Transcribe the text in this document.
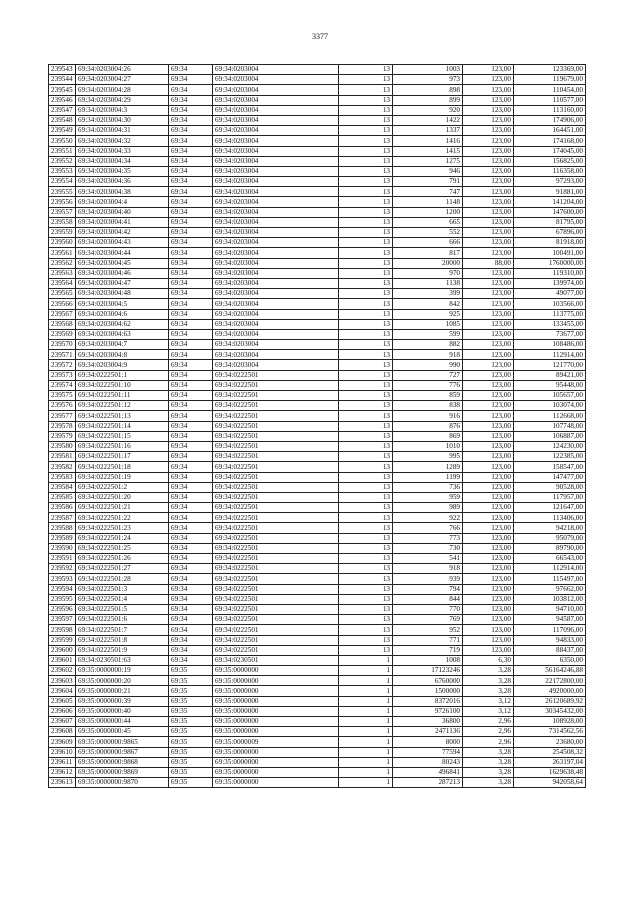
3377
239543	69:34:0203004:26	69:34	69:34:0203004	13	1003	123,00	123369,00
239544	69:34:0203004:27	69:34	69:34:0203004	13	973	123,00	119679,00
239545	69:34:0203004:28	69:34	69:34:0203004	13	898	123,00	110454,00
239546	69:34:0203004:29	69:34	69:34:0203004	13	899	123,00	110577,00
239547	69:34:0203004:3	69:34	69:34:0203004	13	920	123,00	113160,00
239548	69:34:0203004:30	69:34	69:34:0203004	13	1422	123,00	174906,00
239549	69:34:0203004:31	69:34	69:34:0203004	13	1337	123,00	164451,00
239550	69:34:0203004:32	69:34	69:34:0203004	13	1416	123,00	174168,00
239551	69:34:0203004:33	69:34	69:34:0203004	13	1415	123,00	174045,00
239552	69:34:0203004:34	69:34	69:34:0203004	13	1275	123,00	156825,00
239553	69:34:0203004:35	69:34	69:34:0203004	13	946	123,00	116358,00
239554	69:34:0203004:36	69:34	69:34:0203004	13	791	123,00	97293,00
239555	69:34:0203004:38	69:34	69:34:0203004	13	747	123,00	91881,00
239556	69:34:0203004:4	69:34	69:34:0203004	13	1148	123,00	141204,00
239557	69:34:0203004:40	69:34	69:34:0203004	13	1200	123,00	147600,00
239558	69:34:0203004:41	69:34	69:34:0203004	13	665	123,00	81795,00
239559	69:34:0203004:42	69:34	69:34:0203004	13	552	123,00	67896,00
239560	69:34:0203004:43	69:34	69:34:0203004	13	666	123,00	81918,00
239561	69:34:0203004:44	69:34	69:34:0203004	13	817	123,00	100491,00
239562	69:34:0203004:45	69:34	69:34:0203004	13	20000	88,00	1760000,00
239563	69:34:0203004:46	69:34	69:34:0203004	13	970	123,00	119310,00
239564	69:34:0203004:47	69:34	69:34:0203004	13	1138	123,00	139974,00
239565	69:34:0203004:48	69:34	69:34:0203004	13	399	123,00	49077,00
239566	69:34:0203004:5	69:34	69:34:0203004	13	842	123,00	103566,00
239567	69:34:0203004:6	69:34	69:34:0203004	13	925	123,00	113775,00
239568	69:34:0203004:62	69:34	69:34:0203004	13	1085	123,00	133455,00
239569	69:34:0203004:63	69:34	69:34:0203004	13	599	123,00	73677,00
239570	69:34:0203004:7	69:34	69:34:0203004	13	882	123,00	108486,00
239571	69:34:0203004:8	69:34	69:34:0203004	13	918	123,00	112914,00
239572	69:34:0203004:9	69:34	69:34:0203004	13	990	123,00	121770,00
239573	69:34:0222501:1	69:34	69:34:0222501	13	727	123,00	89421,00
239574	69:34:0222501:10	69:34	69:34:0222501	13	776	123,00	95448,00
239575	69:34:0222501:11	69:34	69:34:0222501	13	859	123,00	105657,00
239576	69:34:0222501:12	69:34	69:34:0222501	13	838	123,00	103074,00
239577	69:34:0222501:13	69:34	69:34:0222501	13	916	123,00	112668,00
239578	69:34:0222501:14	69:34	69:34:0222501	13	876	123,00	107748,00
239579	69:34:0222501:15	69:34	69:34:0222501	13	869	123,00	106887,00
239580	69:34:0222501:16	69:34	69:34:0222501	13	1010	123,00	124230,00
239581	69:34:0222501:17	69:34	69:34:0222501	13	995	123,00	122385,00
239582	69:34:0222501:18	69:34	69:34:0222501	13	1289	123,00	158547,00
239583	69:34:0222501:19	69:34	69:34:0222501	13	1199	123,00	147477,00
239584	69:34:0222501:2	69:34	69:34:0222501	13	736	123,00	90528,00
239585	69:34:0222501:20	69:34	69:34:0222501	13	959	123,00	117957,00
239586	69:34:0222501:21	69:34	69:34:0222501	13	989	123,00	121647,00
239587	69:34:0222501:22	69:34	69:34:0222501	13	922	123,00	113406,00
239588	69:34:0222501:23	69:34	69:34:0222501	13	766	123,00	94218,00
239589	69:34:0222501:24	69:34	69:34:0222501	13	773	123,00	95079,00
239590	69:34:0222501:25	69:34	69:34:0222501	13	730	123,00	89790,00
239591	69:34:0222501:26	69:34	69:34:0222501	13	541	123,00	66543,00
239592	69:34:0222501:27	69:34	69:34:0222501	13	918	123,00	112914,00
239593	69:34:0222501:28	69:34	69:34:0222501	13	939	123,00	115497,00
239594	69:34:0222501:3	69:34	69:34:0222501	13	794	123,00	97662,00
239595	69:34:0222501:4	69:34	69:34:0222501	13	844	123,00	103812,00
239596	69:34:0222501:5	69:34	69:34:0222501	13	770	123,00	94710,00
239597	69:34:0222501:6	69:34	69:34:0222501	13	769	123,00	94587,00
239598	69:34:0222501:7	69:34	69:34:0222501	13	952	123,00	117096,00
239599	69:34:0222501:8	69:34	69:34:0222501	13	771	123,00	94833,00
239600	69:34:0222501:9	69:34	69:34:0222501	13	719	123,00	88437,00
239601	69:34:0230501:63	69:34	69:34:0230501	1	1008	6,30	6350,00
239602	69:35:0000000:19	69:35	69:35:0000000	1	17123246	3,28	56164246,88
239603	69:35:0000000:20	69:35	69:35:0000000	1	6760000	3,28	22172800,00
239604	69:35:0000000:21	69:35	69:35:0000000	1	1500000	3,28	4920000,00
239605	69:35:0000000:39	69:35	69:35:0000000	1	8372016	3,12	26120689,92
239606	69:35:0000000:40	69:35	69:35:0000000	1	9726100	3,12	30345432,00
239607	69:35:0000000:44	69:35	69:35:0000000	1	36800	2,96	108928,00
239608	69:35:0000000:45	69:35	69:35:0000000	1	2471136	2,96	7314562,56
239609	69:35:0000000:9865	69:35	69:35:0000009	1	8000	2,96	23680,00
239610	69:35:0000000:9867	69:35	69:35:0000000	1	77594	3,28	254508,32
239611	69:35:0000000:9868	69:35	69:35:0000000	1	80243	3,28	263197,04
239612	69:35:0000000:9869	69:35	69:35:0000000	1	496841	3,28	1629638,48
239613	69:35:0000000:9870	69:35	69:35:0000000	1	287213	3,28	942058,64
